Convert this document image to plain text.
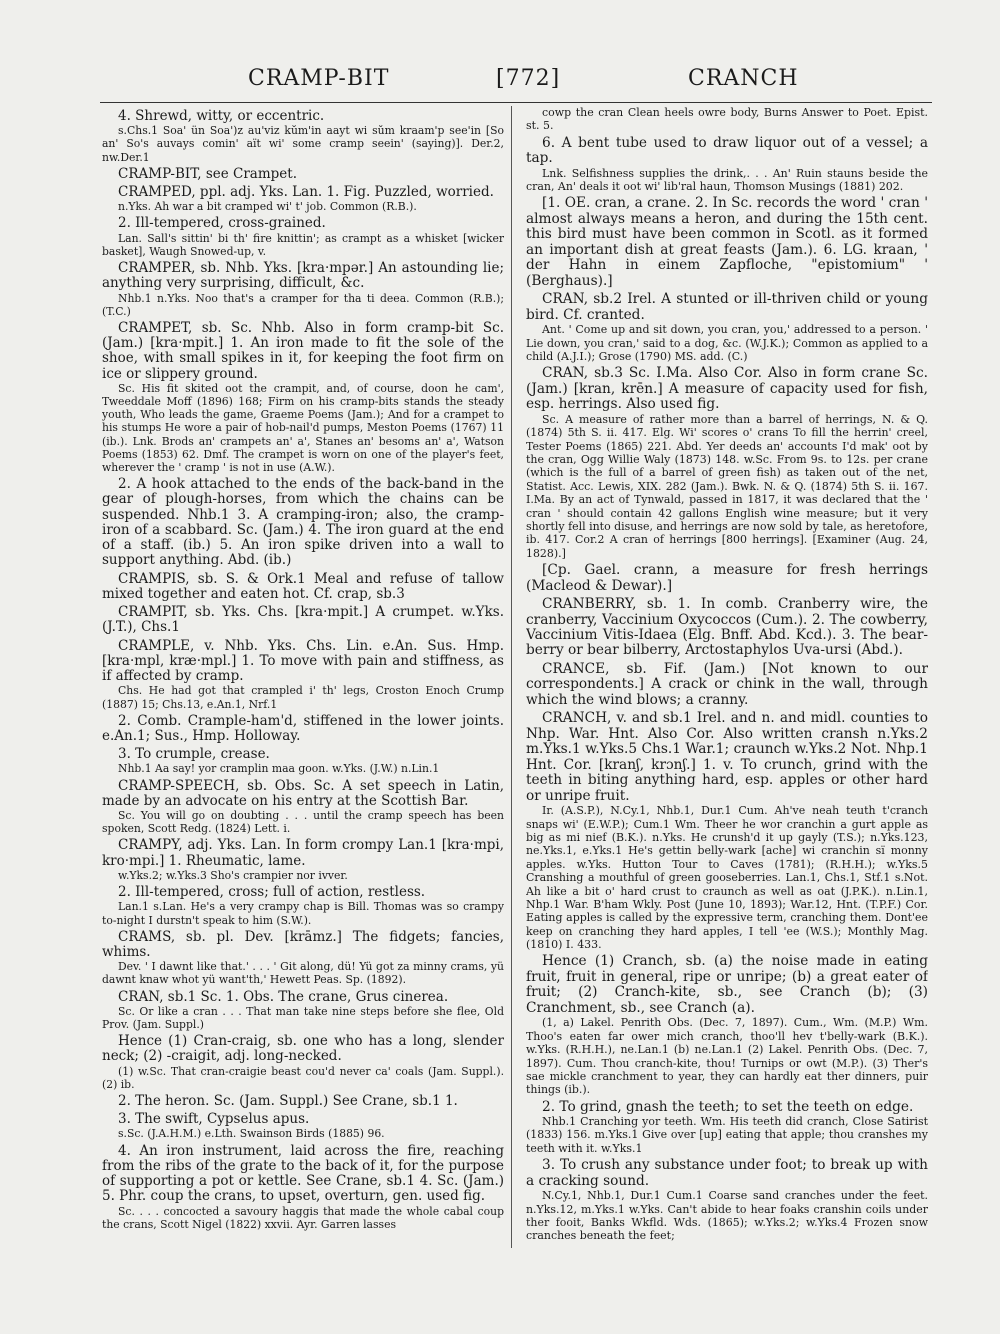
CRAMP-BIT	[772]	CRANCH

4. Shrewd, witty, or eccentric.

s.Chs.1 Soa' ün Soa')z au'viz kŭm'in aayt wi sŭm kraam'p see'in [So an' So's auvays comin' aït wi' some cramp seein' (saying)]. Der.2, nw.Der.1

CRAMP-BIT, see Crampet.

CRAMPED, ppl. adj. Yks. Lan. 1. Fig. Puzzled, worried.

n.Yks. Ah war a bit cramped wi' t' job. Common (R.B.).

2. Ill-tempered, cross-grained.

Lan. Sall's sittin' bi th' fire knittin'; as crampt as a whisket [wicker basket], Waugh Snowed-up, v.

CRAMPER, sb. Nhb. Yks. [kra·mpər.] An astounding lie; anything very surprising, difficult, &c.

Nhb.1 n.Yks. Noo that's a cramper for tha ti deea. Common (R.B.); (T.C.)

CRAMPET, sb. Sc. Nhb. Also in form cramp-bit Sc. (Jam.) [kra·mpit.] 1. An iron made to fit the sole of the shoe, with small spikes in it, for keeping the foot firm on ice or slippery ground.

Sc. His fit skited oot the crampit, and, of course, doon he cam', Tweeddale Moff (1896) 168; Firm on his cramp-bits stands the steady youth, Who leads the game, Graeme Poems (Jam.); And for a crampet to his stumps He wore a pair of hob-nail'd pumps, Meston Poems (1767) 11 (ib.). Lnk. Brods an' crampets an' a', Stanes an' besoms an' a', Watson Poems (1853) 62. Dmf. The crampet is worn on one of the player's feet, wherever the ' cramp ' is not in use (A.W.).

2. A hook attached to the ends of the back-band in the gear of plough-horses, from which the chains can be suspended. Nhb.1 3. A cramping-iron; also, the cramp-iron of a scabbard. Sc. (Jam.) 4. The iron guard at the end of a staff. (ib.) 5. An iron spike driven into a wall to support anything. Abd. (ib.)

CRAMPIS, sb. S. & Ork.1 Meal and refuse of tallow mixed together and eaten hot. Cf. crap, sb.3

CRAMPIT, sb. Yks. Chs. [kra·mpit.] A crumpet. w.Yks. (J.T.), Chs.1

CRAMPLE, v. Nhb. Yks. Chs. Lin. e.An. Sus. Hmp. [kra·mpl, kræ·mpl.] 1. To move with pain and stiffness, as if affected by cramp.

Chs. He had got that crampled i' th' legs, Croston Enoch Crump (1887) 15; Chs.13, e.An.1, Nrf.1

2. Comb. Crample-ham'd, stiffened in the lower joints. e.An.1; Sus., Hmp. Holloway.

3. To crumple, crease.

Nhb.1 Aa say! yor cramplin maa goon. w.Yks. (J.W.) n.Lin.1

CRAMP-SPEECH, sb. Obs. Sc. A set speech in Latin, made by an advocate on his entry at the Scottish Bar.

Sc. You will go on doubting . . . until the cramp speech has been spoken, Scott Redg. (1824) Lett. i.

CRAMPY, adj. Yks. Lan. In form crompy Lan.1 [kra·mpi, kro·mpi.] 1. Rheumatic, lame.

w.Yks.2; w.Yks.3 Sho's crampier nor ivver.

2. Ill-tempered, cross; full of action, restless.

Lan.1 s.Lan. He's a very crampy chap is Bill. Thomas was so crampy to-night I durstn't speak to him (S.W.).

CRAMS, sb. pl. Dev. [krāmz.] The fidgets; fancies, whims.

Dev. ' I dawnt like that.' . . . ' Git along, dü! Yü got za minny crams, yü dawnt knaw whot yü want'th,' Hewett Peas. Sp. (1892).

CRAN, sb.1 Sc. 1. Obs. The crane, Grus cinerea.

Sc. Or like a cran . . . That man take nine steps before she flee, Old Prov. (Jam. Suppl.)

Hence (1) Cran-craig, sb. one who has a long, slender neck; (2) -craigit, adj. long-necked.

(1) w.Sc. That cran-craigie beast cou'd never ca' coals (Jam. Suppl.). (2) ib.

2. The heron. Sc. (Jam. Suppl.) See Crane, sb.1 1.

3. The swift, Cypselus apus.

s.Sc. (J.A.H.M.) e.Lth. Swainson Birds (1885) 96.

4. An iron instrument, laid across the fire, reaching from the ribs of the grate to the back of it, for the purpose of supporting a pot or kettle. See Crane, sb.1 4. Sc. (Jam.) 5. Phr. coup the crans, to upset, overturn, gen. used fig.

Sc. . . . concocted a savoury haggis that made the whole cabal coup the crans, Scott Nigel (1822) xxvii. Ayr. Garren lasses

cowp the cran Clean heels owre body, Burns Answer to Poet. Epist. st. 5.

6. A bent tube used to draw liquor out of a vessel; a tap.

Lnk. Selfishness supplies the drink,. . . An' Ruin stauns beside the cran, An' deals it oot wi' lib'ral haun, Thomson Musings (1881) 202.

[1. OE. cran, a crane. 2. In Sc. records the word ' cran ' almost always means a heron, and during the 15th cent. this bird must have been common in Scotl. as it formed an important dish at great feasts (Jam.). 6. LG. kraan, ' der Hahn in einem Zapfloche, "epistomium" ' (Berghaus).]

CRAN, sb.2 Irel. A stunted or ill-thriven child or young bird. Cf. cranted.

Ant. ' Come up and sit down, you cran, you,' addressed to a person. ' Lie down, you cran,' said to a dog, &c. (W.J.K.); Common as applied to a child (A.J.I.); Grose (1790) MS. add. (C.)

CRAN, sb.3 Sc. I.Ma. Also Cor. Also in form crane Sc. (Jam.) [kran, krēn.] A measure of capacity used for fish, esp. herrings. Also used fig.

Sc. A measure of rather more than a barrel of herrings, N. & Q. (1874) 5th S. ii. 417. Elg. Wi' scores o' crans To fill the herrin' creel, Tester Poems (1865) 221. Abd. Yer deeds an' accounts I'd mak' oot by the cran, Ogg Willie Waly (1873) 148. w.Sc. From 9s. to 12s. per crane (which is the full of a barrel of green fish) as taken out of the net, Statist. Acc. Lewis, XIX. 282 (Jam.). Bwk. N. & Q. (1874) 5th S. ii. 167. I.Ma. By an act of Tynwald, passed in 1817, it was declared that the ' cran ' should contain 42 gallons English wine measure; but it very shortly fell into disuse, and herrings are now sold by tale, as heretofore, ib. 417. Cor.2 A cran of herrings [800 herrings]. [Examiner (Aug. 24, 1828).]

[Cp. Gael. crann, a measure for fresh herrings (Macleod & Dewar).]

CRANBERRY, sb. 1. In comb. Cranberry wire, the cranberry, Vaccinium Oxycoccos (Cum.). 2. The cowberry, Vaccinium Vitis-Idaea (Elg. Bnff. Abd. Kcd.). 3. The bear-berry or bear bilberry, Arctostaphylos Uva-ursi (Abd.).

CRANCE, sb. Fif. (Jam.) [Not known to our correspondents.] A crack or chink in the wall, through which the wind blows; a cranny.

CRANCH, v. and sb.1 Irel. and n. and midl. counties to Nhp. War. Hnt. Also Cor. Also written cransh n.Yks.2 m.Yks.1 w.Yks.5 Chs.1 War.1; craunch w.Yks.2 Not. Nhp.1 Hnt. Cor. [kranʃ, krɔnʃ.] 1. v. To crunch, grind with the teeth in biting anything hard, esp. apples or other hard or unripe fruit.

Ir. (A.S.P.), N.Cy.1, Nhb.1, Dur.1 Cum. Ah've neah teuth t'cranch snaps wi' (E.W.P.); Cum.1 Wm. Theer he wor cranchin a gurt apple as big as mi nief (B.K.). n.Yks. He crunsh'd it up gayly (T.S.); n.Yks.123, ne.Yks.1, e.Yks.1 He's gettin belly-wark [ache] wi cranchin sï monny apples. w.Yks. Hutton Tour to Caves (1781); (R.H.H.); w.Yks.5 Cranshing a mouthful of green gooseberries. Lan.1, Chs.1, Stf.1 s.Not. Ah like a bit o' hard crust to craunch as well as oat (J.P.K.). n.Lin.1, Nhp.1 War. B'ham Wkly. Post (June 10, 1893); War.12, Hnt. (T.P.F.) Cor. Eating apples is called by the expressive term, cranching them. Dont'ee keep on cranching they hard apples, I tell 'ee (W.S.); Monthly Mag. (1810) I. 433.

Hence (1) Cranch, sb. (a) the noise made in eating fruit, fruit in general, ripe or unripe; (b) a great eater of fruit; (2) Cranch-kite, sb., see Cranch (b); (3) Cranchment, sb., see Cranch (a).

(1, a) Lakel. Penrith Obs. (Dec. 7, 1897). Cum., Wm. (M.P.) Wm. Thoo's eaten far ower mich cranch, thoo'll hev t'belly-wark (B.K.). w.Yks. (R.H.H.), ne.Lan.1 (b) ne.Lan.1 (2) Lakel. Penrith Obs. (Dec. 7, 1897). Cum. Thou cranch-kite, thou! Turnips or owt (M.P.). (3) Ther's sae mickle cranchment to year, they can hardly eat ther dinners, puir things (ib.).

2. To grind, gnash the teeth; to set the teeth on edge.

Nhb.1 Cranching yor teeth. Wm. His teeth did cranch, Close Satirist (1833) 156. m.Yks.1 Give over [up] eating that apple; thou cranshes my teeth with it. w.Yks.1

3. To crush any substance under foot; to break up with a cracking sound.

N.Cy.1, Nhb.1, Dur.1 Cum.1 Coarse sand cranches under the feet. n.Yks.12, m.Yks.1 w.Yks. Can't abide to hear foaks cranshin coils under ther fooit, Banks Wkfld. Wds. (1865); w.Yks.2; w.Yks.4 Frozen snow cranches beneath the feet;
